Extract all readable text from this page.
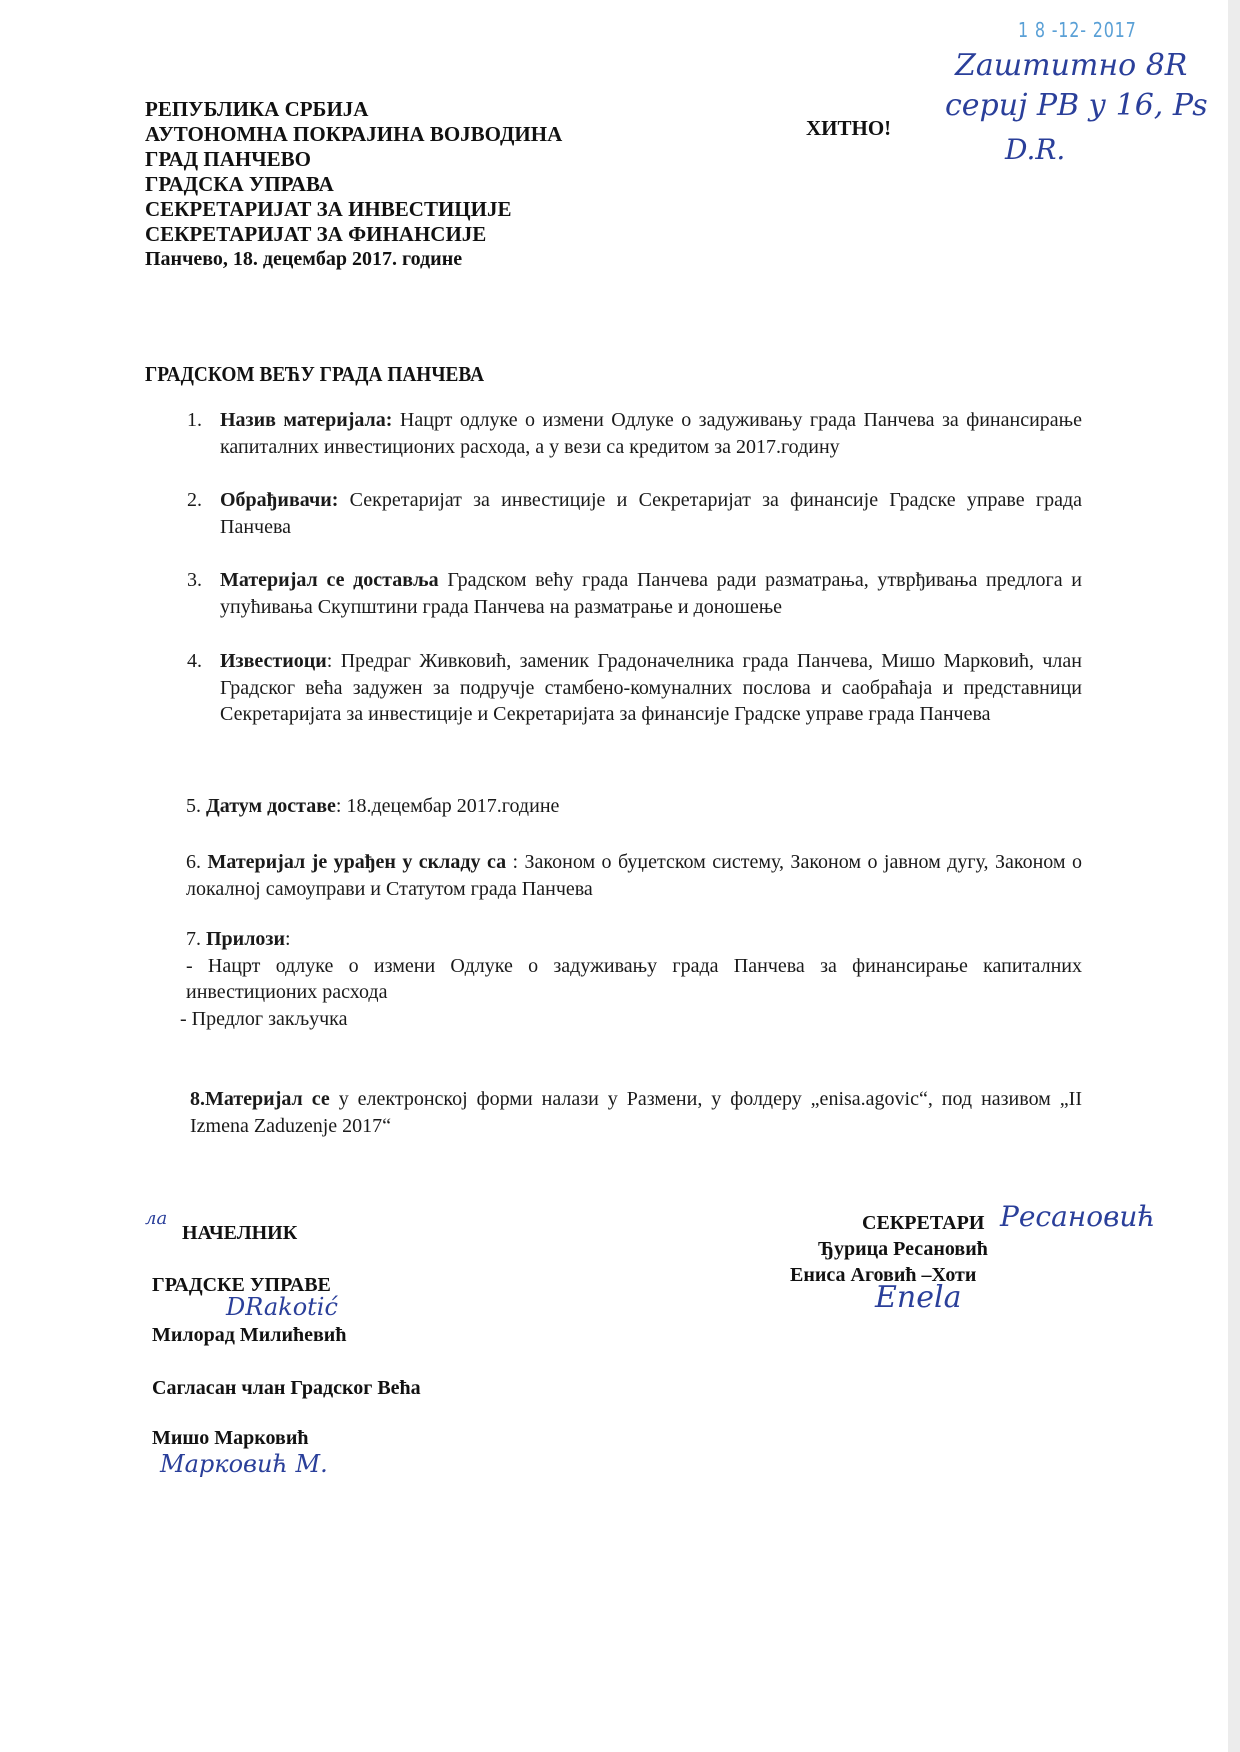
РЕПУБЛИКА СРБИЈА
АУТОНОМНА ПОКРАЈИНА ВОЈВОДИНА
ГРАД ПАНЧЕВО
ГРАДСКА УПРАВА
СЕКРЕТАРИЈАТ ЗА ИНВЕСТИЦИЈЕ
СЕКРЕТАРИЈАТ ЗА ФИНАНСИЈЕ
Панчево, 18. децембар 2017. године
ХИТНО!
1 8 -12- 2017
Zaштитно 8R
сериј PB у 16, Ps
D.R.
ГРАДСКОМ ВЕЋУ ГРАДА ПАНЧЕВА
1. Назив материјала: Нацрт одлуке о измени Одлуке о задуживању града Панчева за финансирање капиталних инвестиционих расхода, а у вези са кредитом за 2017.годину
2. Обрађивачи: Секретаријат за инвестиције и Секретаријат за финансије Градске управе града Панчева
3. Материјал се доставља Градском већу града Панчева ради разматрања, утврђивања предлога и упућивања Скупштини града Панчева на разматрање и доношење
4. Известиоци: Предраг Живковић, заменик Градоначелника града Панчева, Мишо Марковић, члан Градског већа задужен за подручје стамбено-комуналних послова и саобраћаја и представници Секретаријата за инвестиције и Секретаријата за финансије Градске управе града Панчева
5. Датум доставе: 18.децембар 2017.године
6. Материјал је урађен у складу са : Законом о буџетском систему, Законом о јавном дугу, Законом о локалној самоуправи и Статутом града Панчева
7. Прилози:
- Нацрт одлуке о измени Одлуке о задуживању града Панчева за финансирање капиталних инвестиционих расхода
- Предлог закључка
8.Материјал се у електронској форми налази у Размени, у фолдеру „enisa.agovic“, под називом „II Izmena Zaduzenje 2017“
ла
НАЧЕЛНИК
ГРАДСКЕ УПРАВЕ
DRakotić
Милорад Милићевић
Сагласан члан Градског Већа
Мишо Марковић
Марковић М.
СЕКРЕТАРИ
Ђурица Ресановић
Ениса Аговић –Хоти
Ресановић
Enela
